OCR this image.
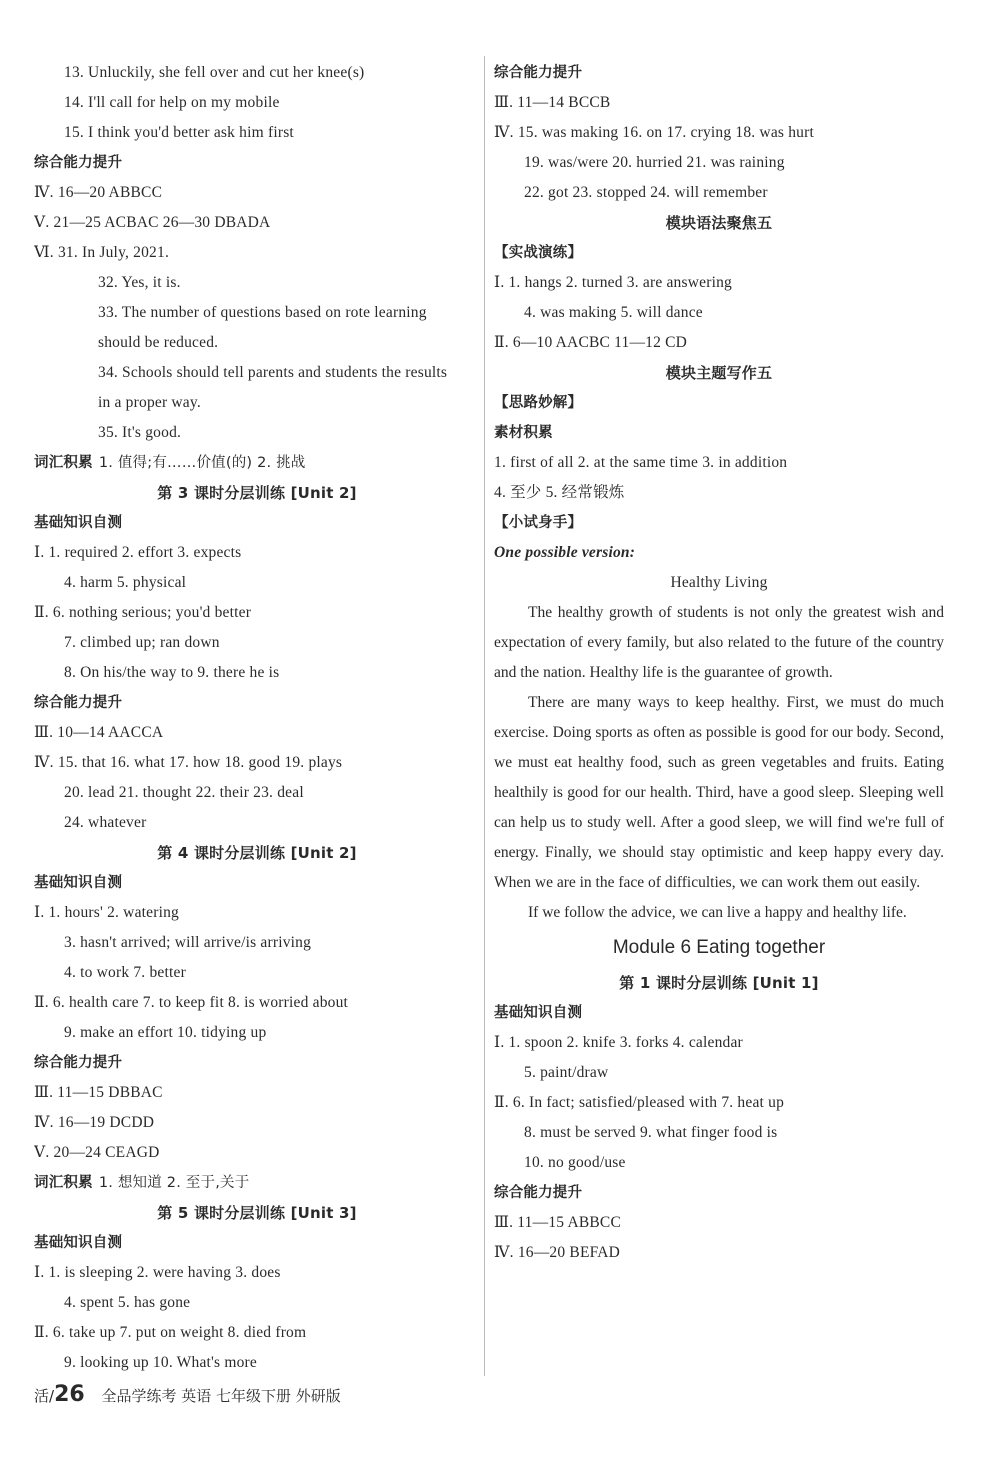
13. Unluckily, she fell over and cut her knee(s)
14. I'll call for help on my mobile
15. I think you'd better ask him first
综合能力提升
Ⅳ. 16—20 ABBCC
Ⅴ. 21—25 ACBAC 26—30 DBADA
Ⅵ. 31. In July, 2021.
32. Yes, it is.
33. The number of questions based on rote learning
should be reduced.
34. Schools should tell parents and students the results
in a proper way.
35. It's good.
词汇积累 1. 值得;有……价值(的) 2. 挑战
第 3 课时分层训练 [Unit 2]
基础知识自测
Ⅰ. 1. required 2. effort 3. expects
4. harm 5. physical
Ⅱ. 6. nothing serious; you'd better
7. climbed up; ran down
8. On his/the way to 9. there he is
综合能力提升
Ⅲ. 10—14 AACCA
Ⅳ. 15. that 16. what 17. how 18. good 19. plays
20. lead 21. thought 22. their 23. deal
24. whatever
第 4 课时分层训练 [Unit 2]
基础知识自测
Ⅰ. 1. hours' 2. watering
3. hasn't arrived; will arrive/is arriving
4. to work 7. better
Ⅱ. 6. health care 7. to keep fit 8. is worried about
9. make an effort 10. tidying up
综合能力提升
Ⅲ. 11—15 DBBAC
Ⅳ. 16—19 DCDD
Ⅴ. 20—24 CEAGD
词汇积累 1. 想知道 2. 至于,关于
第 5 课时分层训练 [Unit 3]
基础知识自测
Ⅰ. 1. is sleeping 2. were having 3. does
4. spent 5. has gone
Ⅱ. 6. take up 7. put on weight 8. died from
9. looking up 10. What's more
综合能力提升
Ⅲ. 11—14 BCCB
Ⅳ. 15. was making 16. on 17. crying 18. was hurt
19. was/were 20. hurried 21. was raining
22. got 23. stopped 24. will remember
模块语法聚焦五
【实战演练】
Ⅰ. 1. hangs 2. turned 3. are answering
4. was making 5. will dance
Ⅱ. 6—10 AACBC 11—12 CD
模块主题写作五
【思路妙解】
素材积累
1. first of all 2. at the same time 3. in addition
4. 至少 5. 经常锻炼
【小试身手】
One possible version:
Healthy Living

The healthy growth of students is not only the greatest wish and expectation of every family, but also related to the future of the country and the nation. Healthy life is the guarantee of growth.

There are many ways to keep healthy. First, we must do much exercise. Doing sports as often as possible is good for our body. Second, we must eat healthy food, such as green vegetables and fruits. Eating healthily is good for our health. Third, have a good sleep. Sleeping well can help us to study well. After a good sleep, we will find we're full of energy. Finally, we should stay optimistic and keep happy every day. When we are in the face of difficulties, we can work them out easily.

If we follow the advice, we can live a happy and healthy life.

Module 6 Eating together
第 1 课时分层训练 [Unit 1]
基础知识自测
Ⅰ. 1. spoon 2. knife 3. forks 4. calendar
5. paint/draw
Ⅱ. 6. In fact; satisfied/pleased with 7. heat up
8. must be served 9. what finger food is
10. no good/use
综合能力提升
Ⅲ. 11—15 ABBCC
Ⅳ. 16—20 BEFAD
活/26 全品学练考 英语 七年级下册 外研版
